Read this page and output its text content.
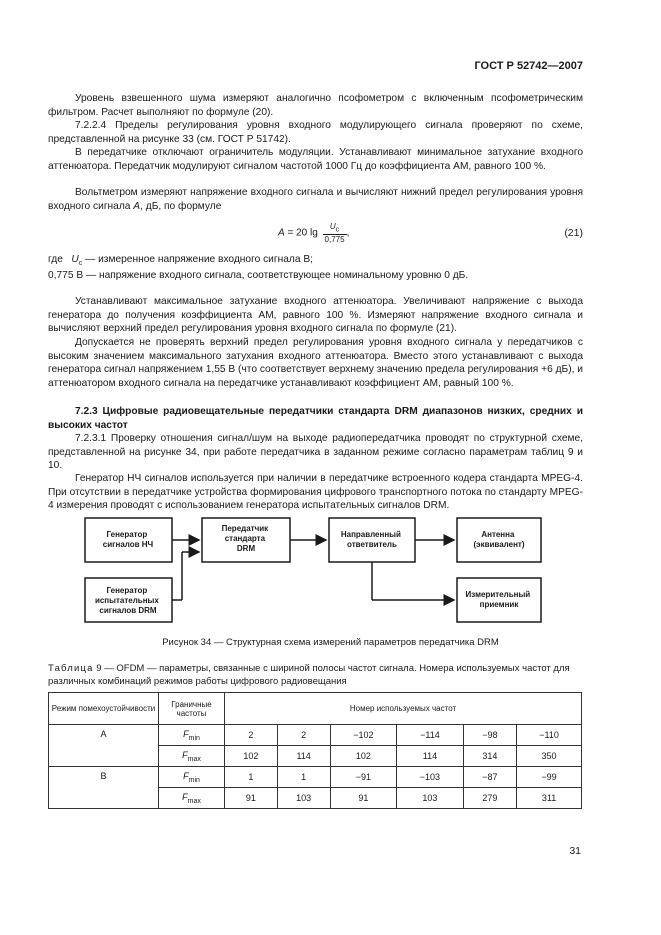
ГОСТ Р 52742—2007
Уровень взвешенного шума измеряют аналогично псофометром с включенным псофометрическим фильтром. Расчет выполняют по формуле (20).
7.2.2.4 Пределы регулирования уровня входного модулирующего сигнала проверяют по схеме, представленной на рисунке 33 (см. ГОСТ Р 51742).
В передатчике отключают ограничитель модуляции. Устанавливают минимальное затухание входного аттенюатора. Передатчик модулируют сигналом частотой 1000 Гц до коэффициента АМ, равного 100 %.
Вольтметром измеряют напряжение входного сигнала и вычисляют нижний предел регулирования уровня входного сигнала A, дБ, по формуле
A = 20 $\lg \frac{U_с}{0,775}$ ,	(21)
где $U_с$ — измеренное напряжение входного сигнала В;
0,775 В — напряжение входного сигнала, соответствующее номинальному уровню 0 дБ.
Устанавливают максимальное затухание входного аттенюатора. Увеличивают напряжение с выхода генератора до получения коэффициента АМ, равного 100 %. Измеряют напряжение входного сигнала и вычисляют верхний предел регулирования уровня входного сигнала по формуле (21).
Допускается не проверять верхний предел регулирования уровня входного сигнала у передатчиков с высоким значением максимального затухания входного аттенюатора. Вместо этого устанавливают с выхода генератора сигнал напряжением 1,55 В (что соответствует верхнему значению предела регулирования +6 дБ), и аттенюатором входного сигнала на передатчике устанавливают коэффициент АМ, равный 100 %.
7.2.3 Цифровые радиовещательные передатчики стандарта DRM диапазонов низких, средних и высоких частот
7.2.3.1 Проверку отношения сигнал/шум на выходе радиопередатчика проводят по структурной схеме, представленной на рисунке 34, при работе передатчика в заданном режиме согласно параметрам таблиц 9 и 10.
Генератор НЧ сигналов используется при наличии в передатчике встроенного кодера стандарта MPEG-4. При отсутствии в передатчике устройства формирования цифрового транспортного потока по стандарту MPEG-4 измерения проводят с использованием генератора испытательных сигналов DRM.
Генератор сигналов НЧ
Генератор испытательных сигналов DRM
Передатчик стандарта DRM
Направленный ответвитель
Антенна (эквивалент)
Измерительный приемник
Рисунок 34 — Структурная схема измерений параметров передатчика DRM
Таблица 9 — OFDM — параметры, связанные с шириной полосы частот сигнала. Номера используемых частот для различных комбинаций режимов работы цифрового радиовещания
Режим помехоустойчивости	Граничные частоты	Номер используемых частот					
A	$F_{min}$	2	2	−102	−114	−98	−110
	$F_{max}$	102	114	102	114	314	350
B	$F_{min}$	1	1	−91	−103	−87	−99
	$F_{max}$	91	103	91	103	279	311
31
